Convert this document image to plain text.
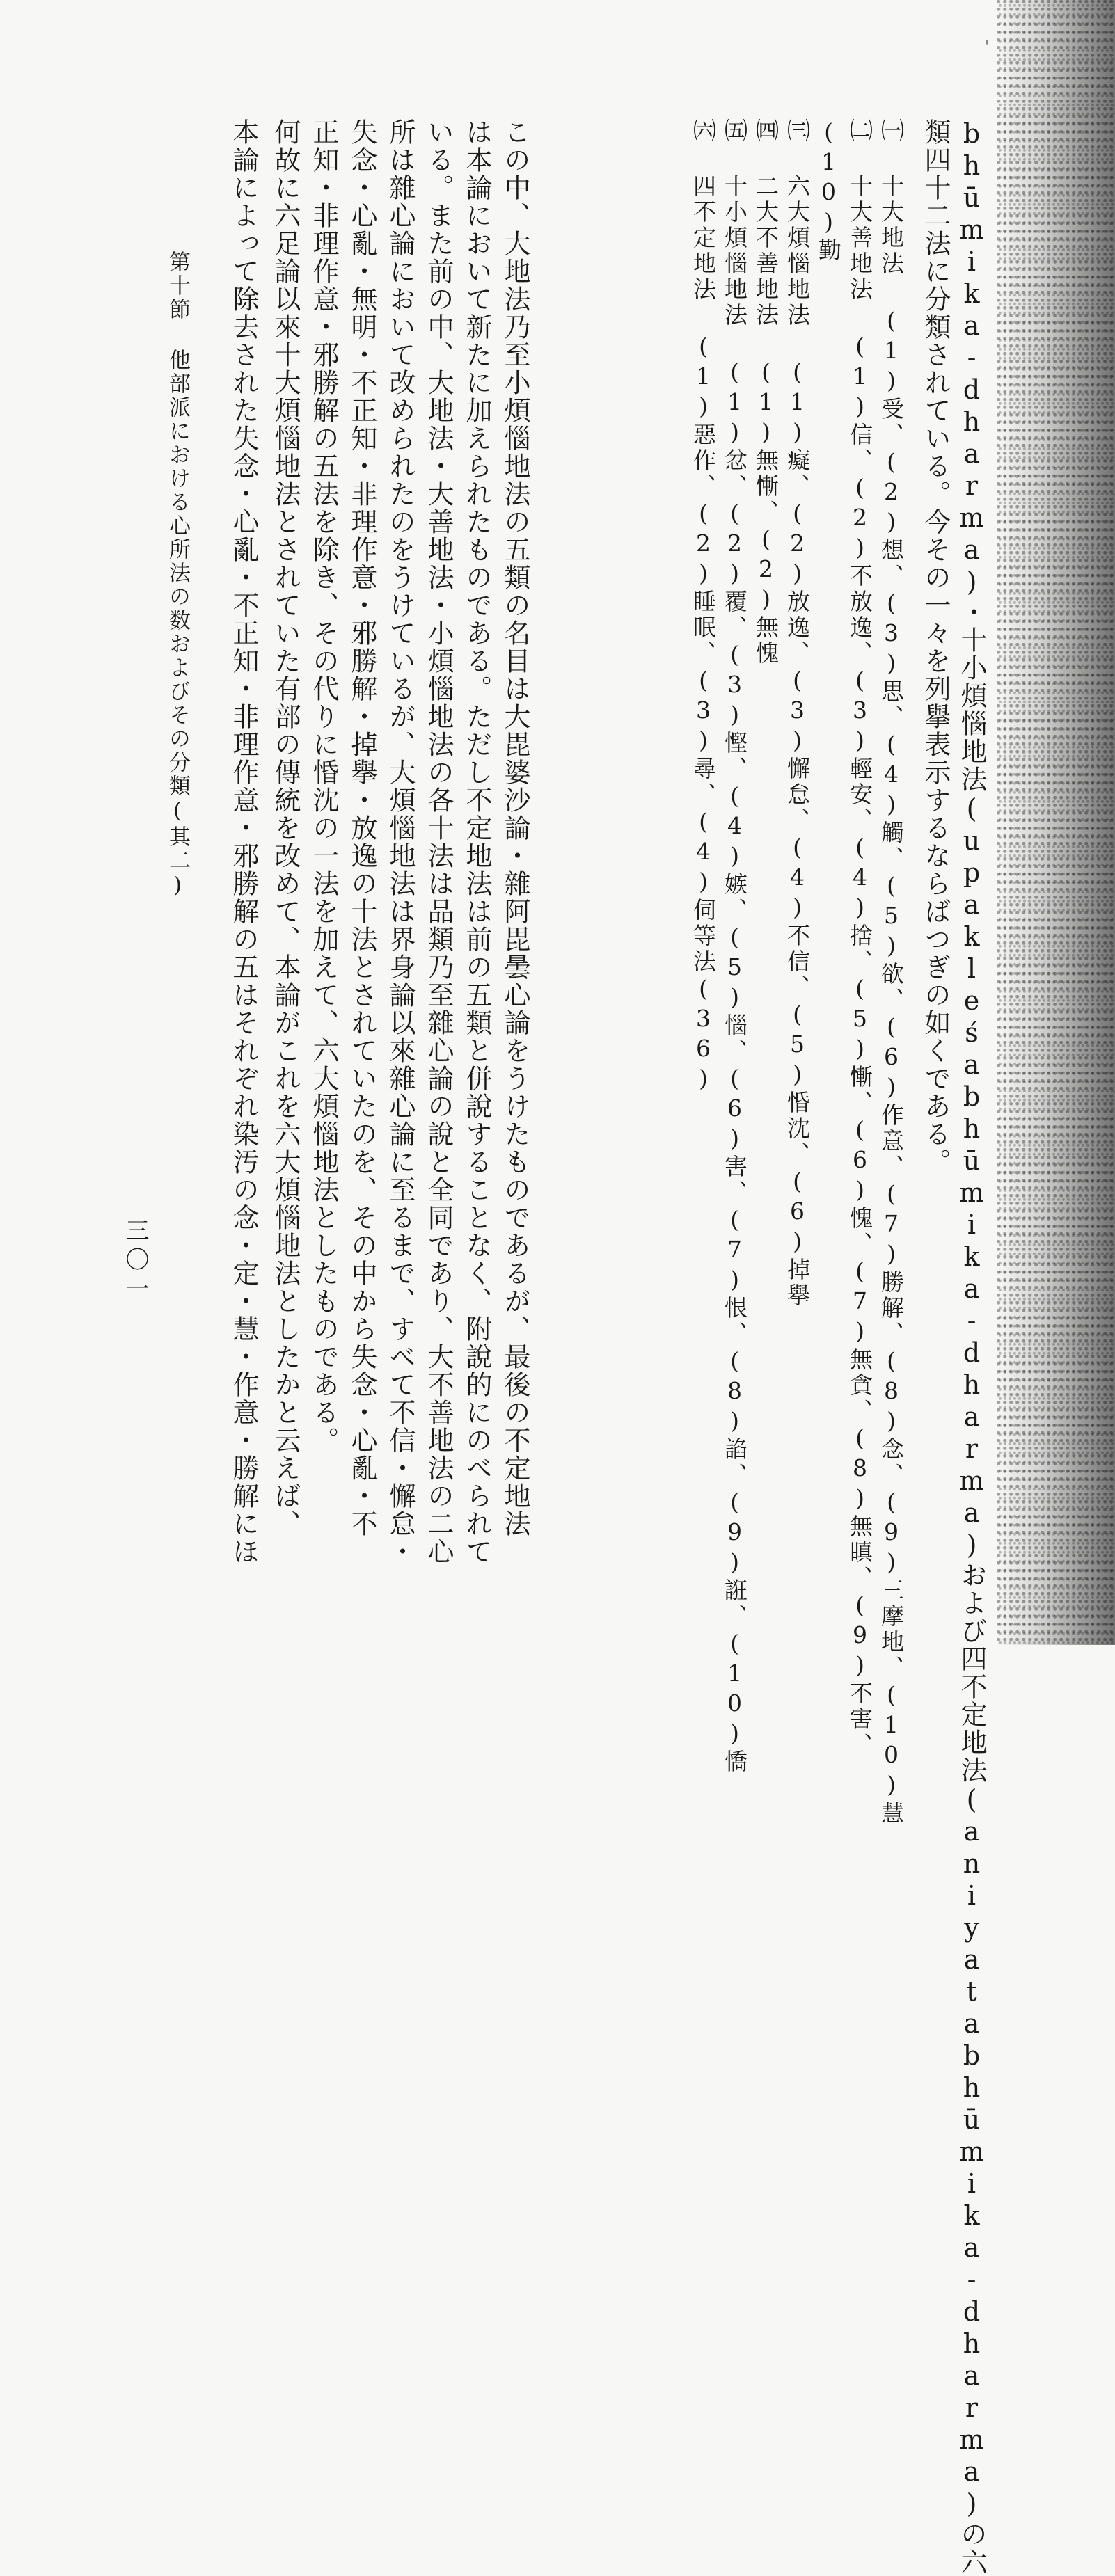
'
bhūmika-dharma)・十小煩惱地法(upakleśabhūmika-dharma)および四不定地法(aniyatabhūmika-dharma)の六
類四十二法に分類されている。今その一々を列擧表示するならばつぎの如くである。
㈠ 十大地法 (1)受、(2)想、(3)思、(4)觸、(5)欲、(6)作意、(7)勝解、(8)念、(9)三摩地、(10)慧
㈡ 十大善地法 (1)信、(2)不放逸、(3)輕安、(4)捨、(5)慚、(6)愧、(7)無貪、(8)無瞋、(9)不害、
(10)勤
㈢ 六大煩惱地法 (1)癡、(2)放逸、(3)懈怠、(4)不信、(5)惛沈、(6)掉擧
㈣ 二大不善地法 (1)無慚、(2)無愧
㈤ 十小煩惱地法 (1)忿、(2)覆、(3)慳、(4)嫉、(5)惱、(6)害、(7)恨、(8)諂、(9)誑、(10)憍
㈥ 四不定地法 (1)惡作、(2)睡眠、(3)尋、(4)伺等法(36)
この中、大地法乃至小煩惱地法の五類の名目は大毘婆沙論・雜阿毘曇心論をうけたものであるが、最後の不定地法
は本論において新たに加えられたものである。ただし不定地法は前の五類と併說することなく、附說的にのべられて
いる。また前の中、大地法・大善地法・小煩惱地法の各十法は品類乃至雜心論の說と全同であり、大不善地法の二心
所は雜心論において改められたのをうけているが、大煩惱地法は界身論以來雜心論に至るまで、すべて不信・懈怠・
失念・心亂・無明・不正知・非理作意・邪勝解・掉擧・放逸の十法とされていたのを、その中から失念・心亂・不
正知・非理作意・邪勝解の五法を除き、その代りに惛沈の一法を加えて、六大煩惱地法としたものである。
何故に六足論以來十大煩惱地法とされていた有部の傳統を改めて、本論がこれを六大煩惱地法としたかと云えば、
本論によって除去された失念・心亂・不正知・非理作意・邪勝解の五はそれぞれ染汚の念・定・慧・作意・勝解にほ
第十節 他部派における心所法の数およびその分類(其二)
三〇一
